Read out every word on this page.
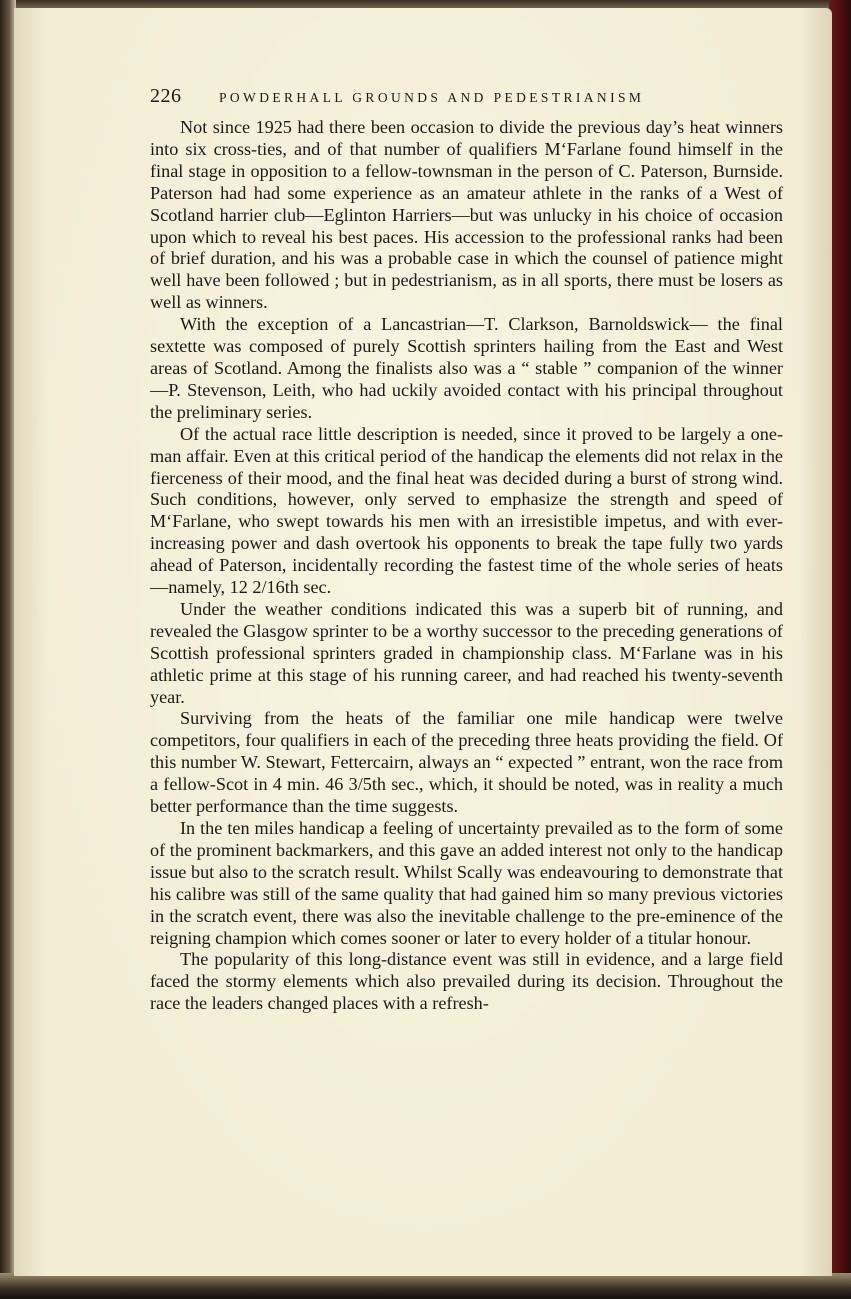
226	POWDERHALL GROUNDS AND PEDESTRIANISM

Not since 1925 had there been occasion to divide the previous day’s heat winners into six cross-ties, and of that number of qualifiers M‘Farlane found himself in the final stage in opposition to a fellow-townsman in the person of C. Paterson, Burnside. Paterson had had some experience as an amateur athlete in the ranks of a West of Scotland harrier club—Eglinton Harriers—but was unlucky in his choice of occasion upon which to reveal his best paces. His accession to the professional ranks had been of brief duration, and his was a probable case in which the counsel of patience might well have been followed ; but in pedestrianism, as in all sports, there must be losers as well as winners.

With the exception of a Lancastrian—T. Clarkson, Barnoldswick— the final sextette was composed of purely Scottish sprinters hailing from the East and West areas of Scotland. Among the finalists also was a “ stable ” companion of the winner—P. Stevenson, Leith, who had uckily avoided contact with his principal throughout the preliminary series.

Of the actual race little description is needed, since it proved to be largely a one-man affair. Even at this critical period of the handicap the elements did not relax in the fierceness of their mood, and the final heat was decided during a burst of strong wind. Such conditions, however, only served to emphasize the strength and speed of M‘Farlane, who swept towards his men with an irresistible impetus, and with ever-increasing power and dash overtook his opponents to break the tape fully two yards ahead of Paterson, incidentally recording the fastest time of the whole series of heats—namely, 12 2/16th sec.

Under the weather conditions indicated this was a superb bit of running, and revealed the Glasgow sprinter to be a worthy successor to the preceding generations of Scottish professional sprinters graded in championship class. M‘Farlane was in his athletic prime at this stage of his running career, and had reached his twenty-seventh year.

Surviving from the heats of the familiar one mile handicap were twelve competitors, four qualifiers in each of the preceding three heats providing the field. Of this number W. Stewart, Fettercairn, always an “ expected ” entrant, won the race from a fellow-Scot in 4 min. 46 3/5th sec., which, it should be noted, was in reality a much better performance than the time suggests.

In the ten miles handicap a feeling of uncertainty prevailed as to the form of some of the prominent backmarkers, and this gave an added interest not only to the handicap issue but also to the scratch result. Whilst Scally was endeavouring to demonstrate that his calibre was still of the same quality that had gained him so many previous victories in the scratch event, there was also the inevitable challenge to the pre-eminence of the reigning champion which comes sooner or later to every holder of a titular honour.

The popularity of this long-distance event was still in evidence, and a large field faced the stormy elements which also prevailed during its decision. Throughout the race the leaders changed places with a refresh-
